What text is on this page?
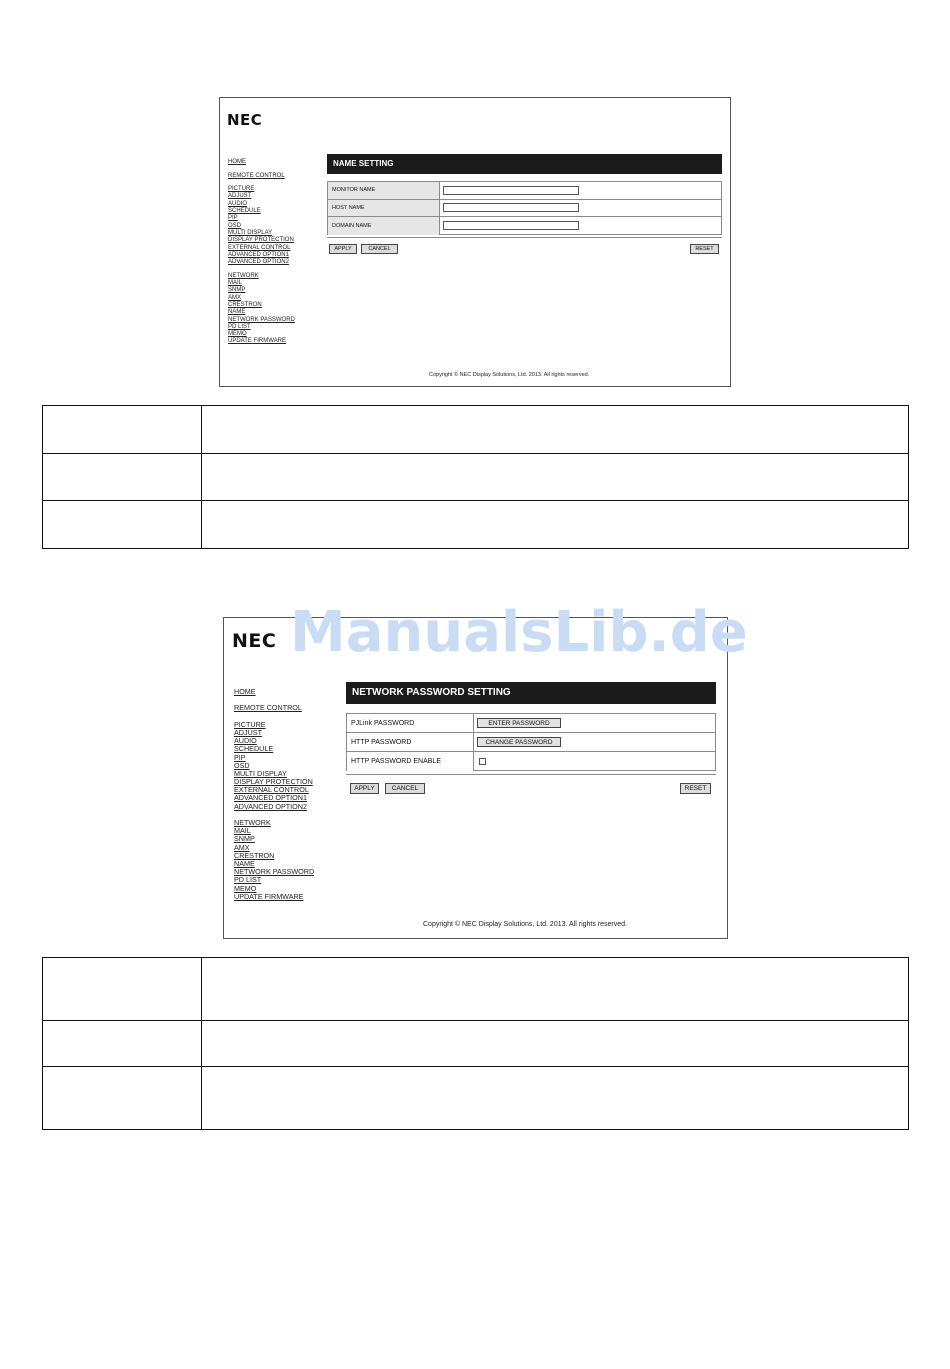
NEC
HOME
REMOTE CONTROL
PICTURE
ADJUST
AUDIO
SCHEDULE
PIP
OSD
MULTI DISPLAY
DISPLAY PROTECTION
EXTERNAL CONTROL
ADVANCED OPTION1
ADVANCED OPTION2
NETWORK
MAIL
SNMP
AMX
CRESTRON
NAME
NETWORK PASSWORD
PD LIST
MEMO
UPDATE FIRMWARE
NAME SETTING
MONITOR NAME
HOST NAME
DOMAIN NAME
APPLY	CANCEL	RESET
Copyright © NEC Display Solutions, Ltd. 2013. All rights reserved.

NEC
HOME
REMOTE CONTROL
PICTURE
ADJUST
AUDIO
SCHEDULE
PIP
OSD
MULTI DISPLAY
DISPLAY PROTECTION
EXTERNAL CONTROL
ADVANCED OPTION1
ADVANCED OPTION2
NETWORK
MAIL
SNMP
AMX
CRESTRON
NAME
NETWORK PASSWORD
PD LIST
MEMO
UPDATE FIRMWARE
NETWORK PASSWORD SETTING
PJLink PASSWORD	ENTER PASSWORD
HTTP PASSWORD	CHANGE PASSWORD
HTTP PASSWORD ENABLE
APPLY	CANCEL	RESET
Copyright © NEC Display Solutions, Ltd. 2013. All rights reserved.
ManualsLib.de
